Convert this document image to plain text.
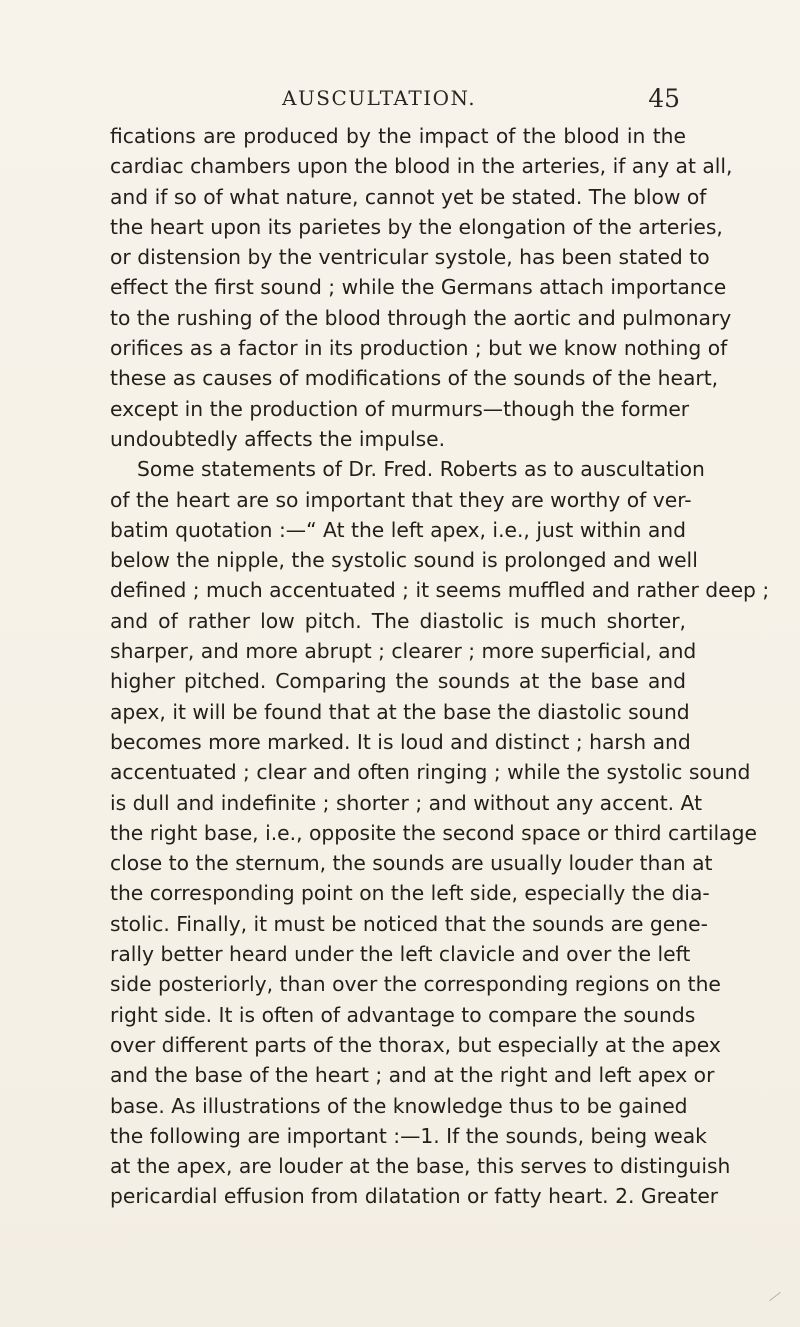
AUSCULTATION.	45
fications are produced by the impact of the blood in the
cardiac chambers upon the blood in the arteries, if any at all,
and if so of what nature, cannot yet be stated. The blow of
the heart upon its parietes by the elongation of the arteries,
or distension by the ventricular systole, has been stated to
effect the first sound ; while the Germans attach importance
to the rushing of the blood through the aortic and pulmonary
orifices as a factor in its production ; but we know nothing of
these as causes of modifications of the sounds of the heart,
except in the production of murmurs—though the former
undoubtedly affects the impulse.
Some statements of Dr. Fred. Roberts as to auscultation
of the heart are so important that they are worthy of ver-
batim quotation :—“ At the left apex, i.e., just within and
below the nipple, the systolic sound is prolonged and well
defined ; much accentuated ; it seems muffled and rather deep ;
and of rather low pitch. The diastolic is much shorter,
sharper, and more abrupt ; clearer ; more superficial, and
higher pitched. Comparing the sounds at the base and
apex, it will be found that at the base the diastolic sound
becomes more marked. It is loud and distinct ; harsh and
accentuated ; clear and often ringing ; while the systolic sound
is dull and indefinite ; shorter ; and without any accent. At
the right base, i.e., opposite the second space or third cartilage
close to the sternum, the sounds are usually louder than at
the corresponding point on the left side, especially the dia-
stolic. Finally, it must be noticed that the sounds are gene-
rally better heard under the left clavicle and over the left
side posteriorly, than over the corresponding regions on the
right side. It is often of advantage to compare the sounds
over different parts of the thorax, but especially at the apex
and the base of the heart ; and at the right and left apex or
base. As illustrations of the knowledge thus to be gained
the following are important :—1. If the sounds, being weak
at the apex, are louder at the base, this serves to distinguish
pericardial effusion from dilatation or fatty heart. 2. Greater
